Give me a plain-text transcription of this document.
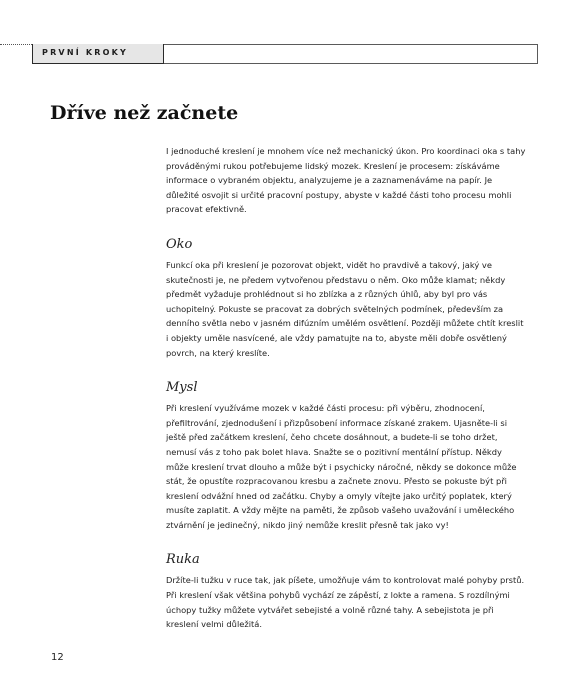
PRVNÍ KROKY
Dříve než začnete

I jednoduché kreslení je mnohem více než mechanický úkon. Pro koordinaci oka s tahy prováděnými rukou potřebujeme lidský mozek. Kreslení je procesem: získáváme informace o vybraném objektu, analyzujeme je a zaznamenáváme na papír. Je důležité osvojit si určité pracovní postupy, abyste v každé části toho procesu mohli pracovat efektivně.

Oko

Funkcí oka při kreslení je pozorovat objekt, vidět ho pravdivě a takový, jaký ve skutečnosti je, ne předem vytvořenou představu o něm. Oko může klamat; někdy předmět vyžaduje prohlédnout si ho zblízka a z různých úhlů, aby byl pro vás uchopitelný. Pokuste se pracovat za dobrých světelných podmínek, především za denního světla nebo v jasném difúzním umělém osvětlení. Později můžete chtít kreslit i objekty uměle nasvícené, ale vždy pamatujte na to, abyste měli dobře osvětlený povrch, na který kreslíte.

Mysl

Při kreslení využíváme mozek v každé části procesu: při výběru, zhodnocení, přefiltrování, zjednodušení i přizpůsobení informace získané zrakem. Ujasněte-li si ještě před začátkem kreslení, čeho chcete dosáhnout, a budete-li se toho držet, nemusí vás z toho pak bolet hlava. Snažte se o pozitivní mentální přístup. Někdy může kreslení trvat dlouho a může být i psychicky náročné, někdy se dokonce může stát, že opustíte rozpracovanou kresbu a začnete znovu. Přesto se pokuste být při kreslení odvážní hned od začátku. Chyby a omyly vítejte jako určitý poplatek, který musíte zaplatit. A vždy mějte na paměti, že způsob vašeho uvažování i uměleckého ztvárnění je jedinečný, nikdo jiný nemůže kreslit přesně tak jako vy!

Ruka

Držíte-li tužku v ruce tak, jak píšete, umožňuje vám to kontrolovat malé pohyby prstů. Při kreslení však většina pohybů vychází ze zápěstí, z lokte a ramena. S rozdílnými úchopy tužky můžete vytvářet sebejisté a volně různé tahy. A sebejistota je při kreslení velmi důležitá.

12
